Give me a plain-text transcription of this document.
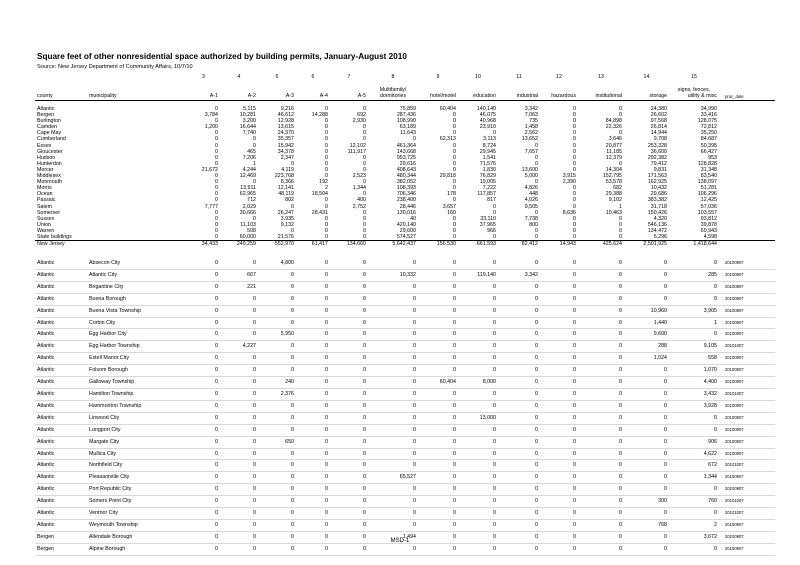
Square feet of other nonresidential space authorized by building permits, January-August 2010
Source: New Jersey Department of Community Affairs, 10/7/10
		3	4	5	6	7	8	9	10	11	12	13	14	15	
							Multifamily/							signs, fences,	
county	municipality	A-1	A-2	A-3	A-4	A-5	dormitories	hotel/motel	education	industrial	hazardous	institutional	storage	utility & misc	proc_date
Atlantic		0	5,115	9,216	0	0	75,859	60,404	140,140	3,342	0	0	24,380	34,990	
Bergen		3,784	10,281	46,612	14,288	692	287,436	0	46,075	7,063	0	0	26,602	33,416	
Burlington		0	3,200	12,928	0	2,930	108,990	0	40,968	735	0	84,898	97,568	128,075	
Camden		1,200	16,644	13,615	0	0	63,189	0	23,910	1,458	0	22,326	26,814	72,812	
Cape May		0	7,740	24,370	0	0	11,643	0	0	2,562	0	0	14,944	35,250	
Cumberland		0	0	35,357	0	0	0	62,313	3,113	13,652	0	3,646	9,708	84,687	
Essex		0	0	15,942	0	12,102	461,364	0	8,724	0	0	20,877	253,328	50,395	
Gloucester		0	465	34,378	0	111,917	143,668	0	29,945	7,657	0	11,185	36,600	66,427	
Hudson		0	7,206	2,347	0	0	953,725	0	1,541	0	0	12,379	292,382	953	
Hunterdon		0	1	0	0	0	29,616	0	71,576	0	0	0	79,412	128,828	
Mercer		21,672	4,244	4,119	0	0	408,643	0	1,830	13,600	0	14,304	9,831	31,348	
Middlesex		0	12,469	223,768	0	2,523	480,344	29,818	76,829	5,000	3,915	152,795	171,563	83,540	
Monmouth		0	0	8,366	192	0	382,052	0	19,005	0	2,390	53,578	162,925	138,097	
Morris		0	13,911	12,141	2	1,344	108,393	0	7,222	4,826	0	682	10,432	51,281	
Ocean		0	62,965	48,119	18,504	0	706,346	178	117,857	448	0	29,388	29,686	106,296	
Passaic		0	712	802	0	400	238,400	0	817	4,026	0	9,102	383,382	12,425	
Salem		7,777	2,029	0	0	2,752	28,446	3,657	0	9,505	0	1	31,718	57,036	
Somerset		0	30,666	26,247	28,431	0	130,016	160	0	0	8,636	10,463	150,426	103,557	
Sussex		0	0	3,935	0	0	40	0	33,110	7,738	0	0	4,320	93,812	
Union		0	11,103	9,132	0	0	420,140	0	37,965	800	0	0	546,136	39,878	
Warren		0	508	0	0	0	29,600	0	966	0	0	0	134,472	60,943	
State buildings		0	60,000	21,576	0	0	574,527	0	0	0	0	0	5,296	4,598	
New Jersey		34,433	249,259	552,970	61,417	134,660	5,642,437	156,530	661,593	82,412	14,943	425,624	2,501,925	1,418,644	
Atlantic	Absecon City	0	0	4,800	0	0	0	0	0	0	0	0	0	0	20100907
Atlantic	Atlantic City	0	667	0	0	0	10,332	0	119,140	3,342	0	0	0	285	20100907
Atlantic	Brigantine City	0	221	0	0	0	0	0	0	0	0	0	0	0	20100907
Atlantic	Buena Borough	0	0	0	0	0	0	0	0	0	0	0	0	0	20100907
Atlantic	Buena Vista Township	0	0	0	0	0	0	0	0	0	0	0	10,960	3,905	20100907
Atlantic	Corbin City	0	0	0	0	0	0	0	0	0	0	0	1,440	1	20100907
Atlantic	Egg Harbor City	0	0	5,950	0	0	0	0	0	0	0	0	9,600	0	20100907
Atlantic	Egg Harbor Township	0	4,227	0	0	0	0	0	0	0	0	0	288	9,105	20101007
Atlantic	Estell Manor City	0	0	0	0	0	0	0	0	0	0	0	1,024	558	20100907
Atlantic	Folsom Borough	0	0	0	0	0	0	0	0	0	0	0	0	1,070	20100907
Atlantic	Galloway Township	0	0	240	0	0	0	60,404	8,000	0	0	0	0	4,400	20100907
Atlantic	Hamilton Township	0	0	2,376	0	0	0	0	0	0	0	0	0	3,432	20101007
Atlantic	Hammonton Township	0	0	0	0	0	0	0	0	0	0	0	0	3,928	20100907
Atlantic	Linwood City	0	0	0	0	0	0	0	13,000	0	0	0	0	0	20100907
Atlantic	Longport City	0	0	0	0	0	0	0	0	0	0	0	0	0	20100907
Atlantic	Margate City	0	0	650	0	0	0	0	0	0	0	0	0	906	20100907
Atlantic	Mullica City	0	0	0	0	0	0	0	0	0	0	0	0	4,622	20100907
Atlantic	Northfield City	0	0	0	0	0	0	0	0	0	0	0	0	672	20101007
Atlantic	Pleasantville City	0	0	0	0	0	65,527	0	0	0	0	0	0	1,344	20100907
Atlantic	Port Republic City	0	0	0	0	0	0	0	0	0	0	0	0	0	20100907
Atlantic	Somers Point City	0	0	0	0	0	0	0	0	0	0	0	300	760	20101007
Atlantic	Ventnor City	0	0	0	0	0	0	0	0	0	0	0	0	0	20101007
Atlantic	Weymouth Township	0	0	0	0	0	0	0	0	0	0	0	768	2	20100907
Bergen	Allendale Borough	0	0	0	0	0	1,494	0	0	0	0	0	0	3,672	20100907
Bergen	Alpine Borough	0	0	0	0	0	0	0	0	0	0	0	0	0	20100907
MSD-1
